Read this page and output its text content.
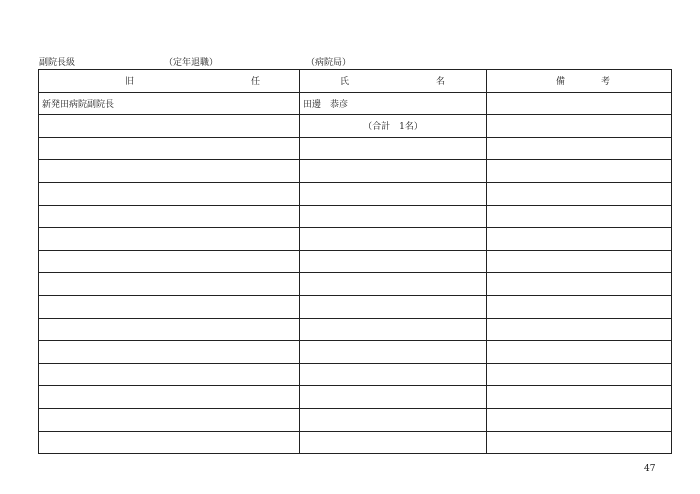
副院長級	（定年退職）	（病院局）
旧 任	氏 名	備 考

新発田病院副院長	田邊　恭彦	
	（合計　1名）	

47
